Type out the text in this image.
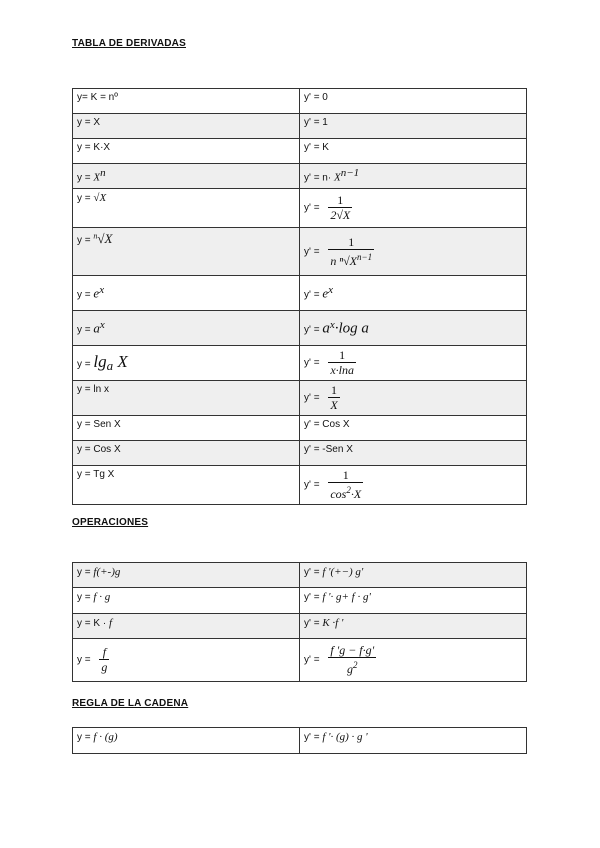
TABLA DE DERIVADAS
y= K = nº	y' = 0
y = X	y' = 1
y = K·X	y' = K
$y = X^n$	$y' = n\cdot X^{n-1}$
y = √X	$y' = \frac{1}{2√X}$

y = $^n$√X	$y' = \frac{1}{n ^n√X^{n-1}}$

$y = e^x$	$y' = e^x$
$y = a^x$	$y' = a^x\cdot\log$ a
$y = \lg_a X$	$y' = \frac{1}{x\cdot\ln a}$

y = ln x	$y' = \frac{1}{X}$

y = Sen X	y' = Cos X
y = Cos X	y' = -Sen X
y = Tg X	$y' = \frac{1}{\cos^2\cdot X}$
OPERACIONES
y = f(+-)g	y' = f '(+−) g'
y = f · g	y' = f '· g+ f · g'
y = K · f	y' = K ·f '
$y = \frac{f}{g}$	$y' = \frac{f 'g - f\cdot g'}{g^2}$
REGLA DE LA CADENA
y = f · (g)	y' = f '· (g) · g '
